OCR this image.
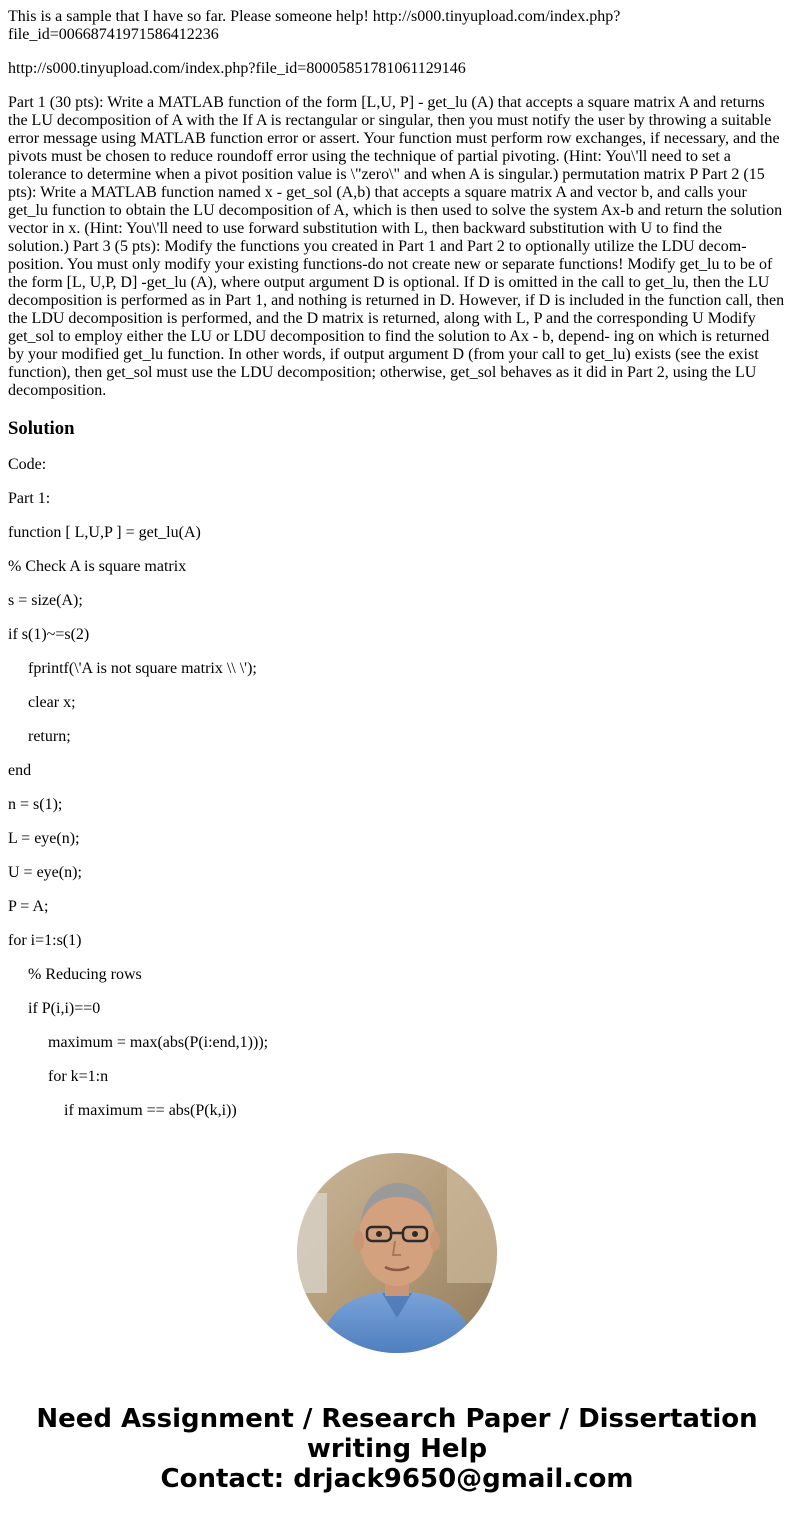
This is a sample that I have so far. Please someone help! http://s000.tinyupload.com/index.php?file_id=00668741971586412236

http://s000.tinyupload.com/index.php?file_id=80005851781061129146

Part 1 (30 pts): Write a MATLAB function of the form [L,U, P] - get_lu (A) that accepts a square matrix A and returns the LU decomposition of A with the If A is rectangular or singular, then you must notify the user by throwing a suitable error message using MATLAB function error or assert. Your function must perform row exchanges, if necessary, and the pivots must be chosen to reduce roundoff error using the technique of partial pivoting. (Hint: You\'ll need to set a tolerance to determine when a pivot position value is \"zero\" and when A is singular.) permutation matrix P Part 2 (15 pts): Write a MATLAB function named x - get_sol (A,b) that accepts a square matrix A and vector b, and calls your get_lu function to obtain the LU decomposition of A, which is then used to solve the system Ax-b and return the solution vector in x. (Hint: You\'ll need to use forward substitution with L, then backward substitution with U to find the solution.) Part 3 (5 pts): Modify the functions you created in Part 1 and Part 2 to optionally utilize the LDU decom- position. You must only modify your existing functions-do not create new or separate functions! Modify get_lu to be of the form [L, U,P, D] -get_lu (A), where output argument D is optional. If D is omitted in the call to get_lu, then the LU decomposition is performed as in Part 1, and nothing is returned in D. However, if D is included in the function call, then the LDU decomposition is performed, and the D matrix is returned, along with L, P and the corresponding U Modify get_sol to employ either the LU or LDU decomposition to find the solution to Ax - b, depend- ing on which is returned by your modified get_lu function. In other words, if output argument D (from your call to get_lu) exists (see the exist function), then get_sol must use the LDU decomposition; otherwise, get_sol behaves as it did in Part 2, using the LU decomposition.

Solution
Code:
Part 1:
function [ L,U,P ] = get_lu(A)
% Check A is square matrix
s = size(A);
if s(1)~=s(2)
fprintf(\'A is not square matrix \\ \');
clear x;
return;
end
n = s(1);
L = eye(n);
U = eye(n);
P = A;
for i=1:s(1)
% Reducing rows
if P(i,i)==0
maximum = max(abs(P(i:end,1)));
for k=1:n
if maximum == abs(P(k,i))
Need Assignment / Research Paper / Dissertation
writing Help
Contact: drjack9650@gmail.com
